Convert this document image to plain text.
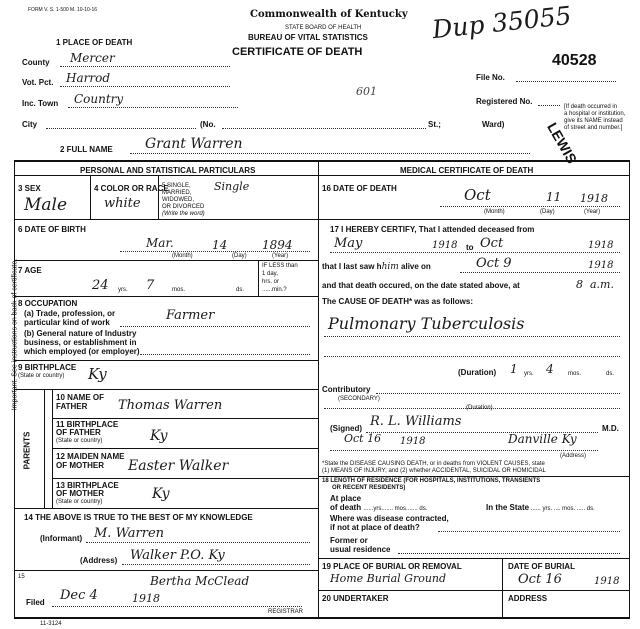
Important. See instructions on back of certificate.
FORM V. S. 1-500 M. 10-10-16	Commonwealth of Kentucky
STATE BOARD OF HEALTH
BUREAU OF VITAL STATISTICS
CERTIFICATE OF DEATH
Dup 35055
40528
601
LEWIS
1 PLACE OF DEATH
County Mercer
Vot. Pct. Harrod
Inc. Town Country
City	(No.	St.;	Ward)
File No.
Registered No.
[If death occurred in
a hospital or institution,
give its NAME instead
of street and number.]
2 FULL NAME Grant Warren
PERSONAL AND STATISTICAL PARTICULARS	MEDICAL CERTIFICATE OF DEATH
3 SEX
Male
4 COLOR OR RACE
white
5 SINGLE,
MARRIED,
WIDOWED,
OR DIVORCED
(Write the word)
Single
6 DATE OF BIRTH
Mar.	14	1894
(Month)	(Day)	(Year)
7 AGE
24 yrs. 7	mos.	ds.
IF LESS than
1 day,
hrs. or
......min.?
8 OCCUPATION
(a) Trade, profession, or
particular kind of work
(b) General nature of Industry
business, or establishment in
which employed (or employer)
Farmer
9 BIRTHPLACE
(State or country)	Ky
PARENTS
10 NAME OF
FATHER	Thomas Warren
11 BIRTHPLACE
OF FATHER
(State or country)	Ky
12 MAIDEN NAME
OF MOTHER	Easter Walker
13 BIRTHPLACE
OF MOTHER
(State or country)	Ky
14 THE ABOVE IS TRUE TO THE BEST OF MY KNOWLEDGE
(Informant) M. Warren
(Address) Walker P.O. Ky
15	Bertha McClead
Filed Dec 4	1918
REGISTRAR
11-3124
16 DATE OF DEATH	Oct	11 1918
(Month)	(Day)	(Year)
17 I HEREBY CERTIFY, That I attended deceased from
May	1918 to Oct	1918
that I last saw hhim alive on	Oct 9	1918
and that death occured, on the date stated above, at	8 a.m.
The CAUSE OF DEATH* was as follows:
Pulmonary Tuberculosis
(Duration) 1 yrs. 4 mos.	ds.
Contributory
(SECONDARY)
(Duration)
(Signed) R. L. Williams	M.D.
Oct 16 1918	Danville Ky
(Address)
*State the DISEASE CAUSING DEATH, or in deaths from VIOLENT CAUSES, state
(1) MEANS OF INJURY; and (2) whether ACCIDENTAL, SUICIDAL OR HOMICIDAL
18 LENGTH OF RESIDENCE (FOR HOSPITALS, INSTITUTIONS, TRANSIENTS
OR RECENT RESIDENTS)
At place
of death ......yrs....... mos....... ds.	In the State ...... yrs. .... mos. ..... ds.
Where was disease contracted,
if not at place of death?
Former or
usual residence
19 PLACE OF BURIAL OR REMOVAL
Home Burial Ground
DATE OF BURIAL
Oct 16	1918
20 UNDERTAKER	ADDRESS
